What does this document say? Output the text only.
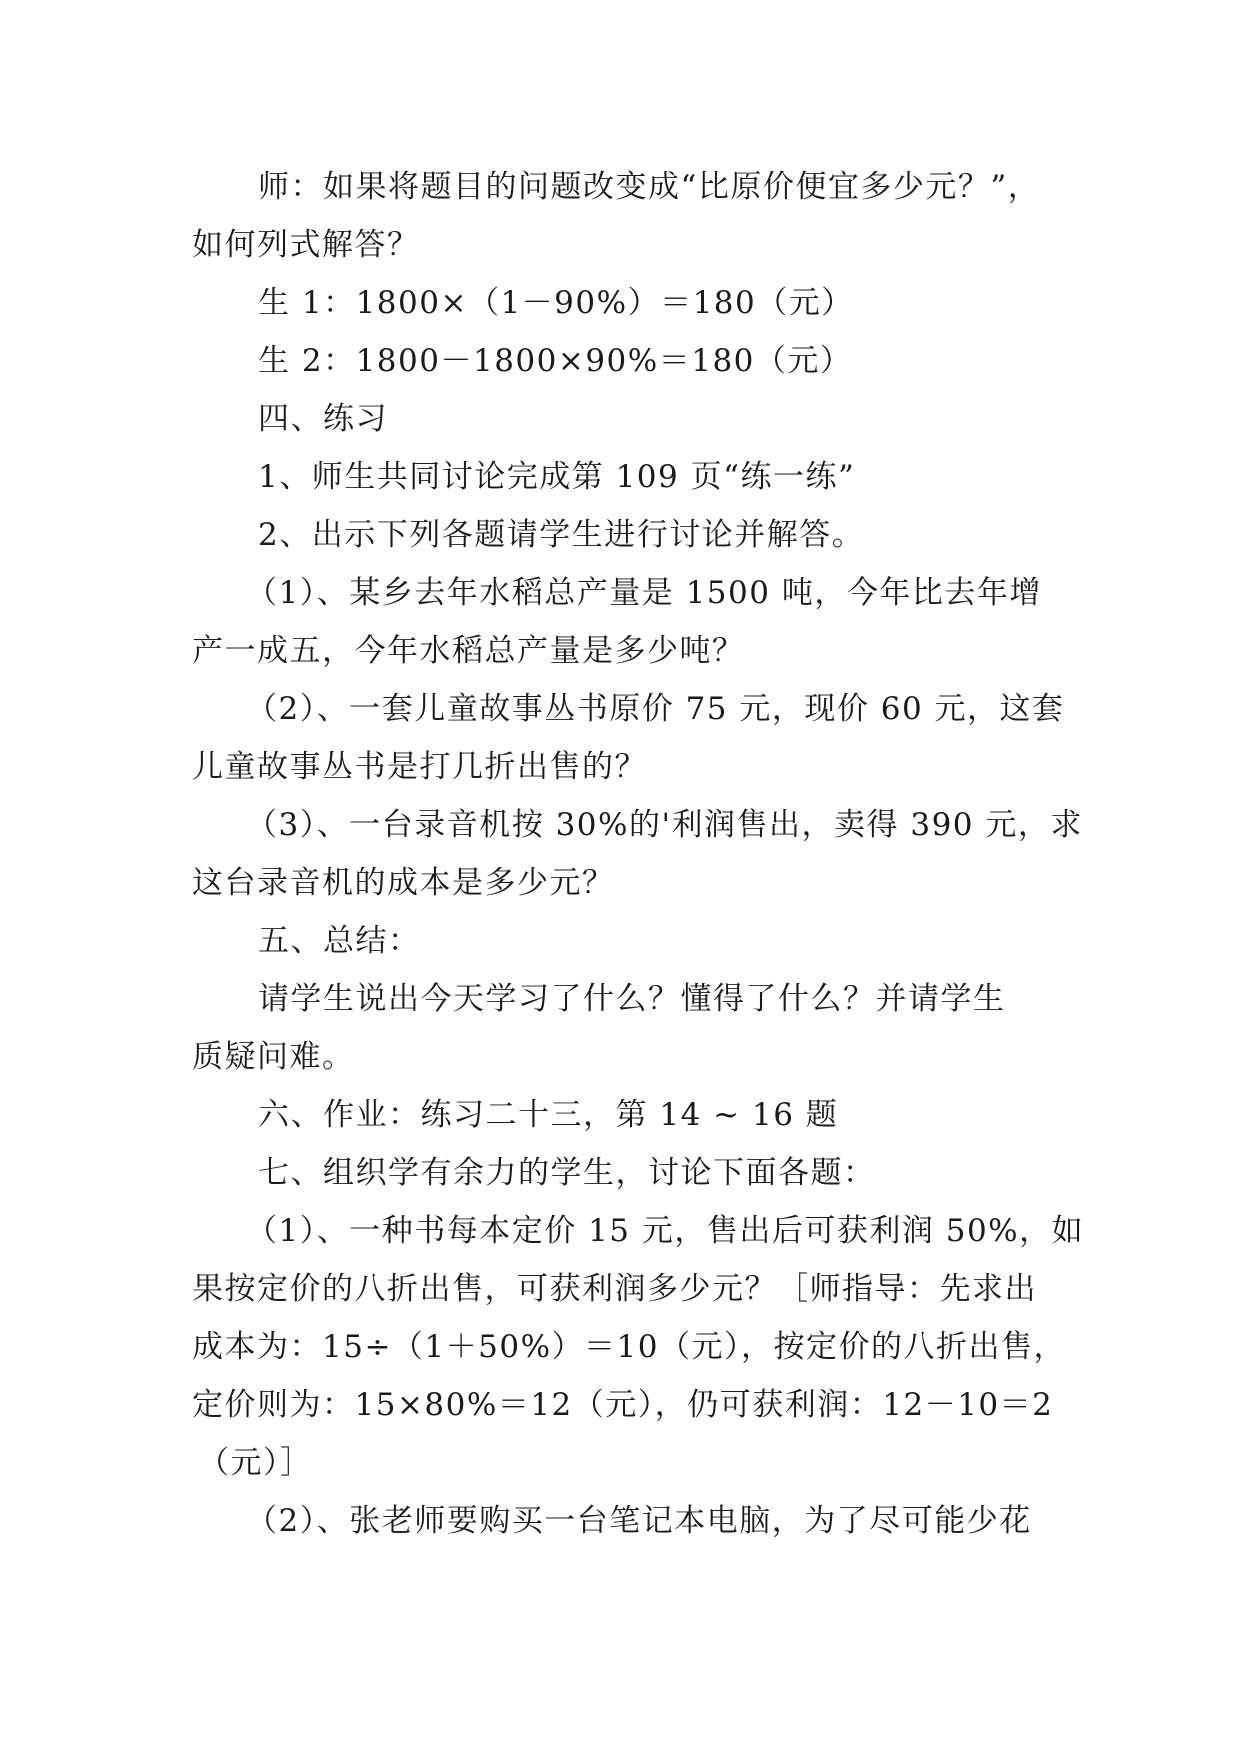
师：如果将题目的问题改变成“比原价便宜多少元？”，
如何列式解答？
生 1：1800×（1－90%）＝180（元）
生 2：1800－1800×90%＝180（元）
四、练习
1、师生共同讨论完成第 109 页“练一练”
2、出示下列各题请学生进行讨论并解答。
（1）、某乡去年水稻总产量是 1500 吨，今年比去年增
产一成五，今年水稻总产量是多少吨？
（2）、一套儿童故事丛书原价 75 元，现价 60 元，这套
儿童故事丛书是打几折出售的？
（3）、一台录音机按 30%的'利润售出，卖得 390 元，求
这台录音机的成本是多少元？
五、总结：
请学生说出今天学习了什么？懂得了什么？并请学生
质疑问难。
六、作业：练习二十三，第 14 ~ 16 题
七、组织学有余力的学生，讨论下面各题：
（1）、一种书每本定价 15 元，售出后可获利润 50%，如
果按定价的八折出售，可获利润多少元？［师指导：先求出
成本为：15÷（1＋50%）＝10（元），按定价的八折出售，
定价则为：15×80%＝12（元），仍可获利润：12－10＝2
（元）］
（2）、张老师要购买一台笔记本电脑，为了尽可能少花
